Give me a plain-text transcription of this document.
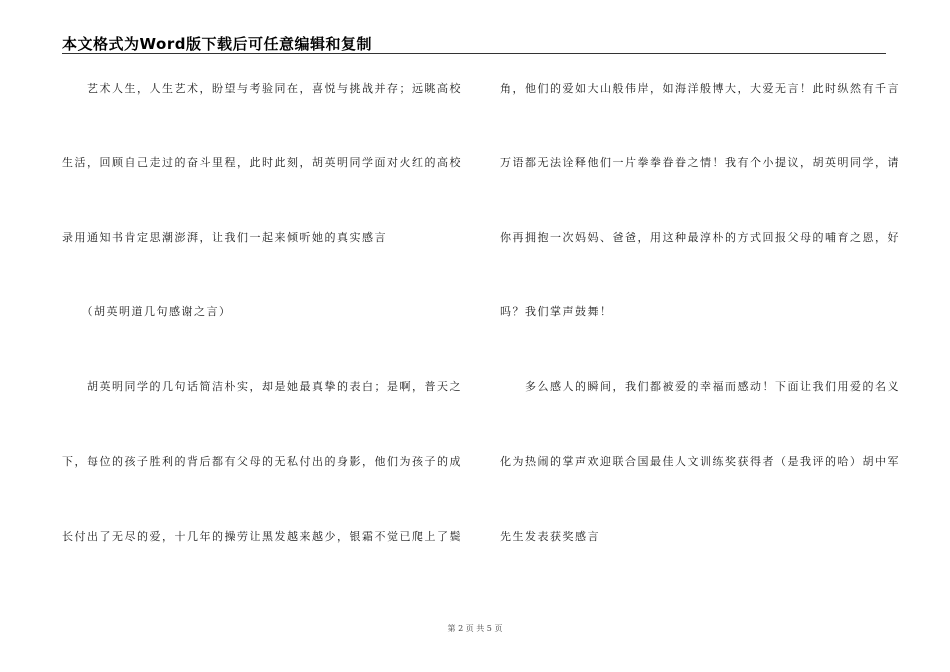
本文格式为Word版下载后可任意编辑和复制
　　艺术人生，人生艺术，盼望与考验同在，喜悦与挑战并存；远眺高校
生活，回顾自己走过的奋斗里程，此时此刻，胡英明同学面对火红的高校
录用通知书肯定思潮澎湃，让我们一起来倾听她的真实感言
　　（胡英明道几句感谢之言）
　　胡英明同学的几句话简洁朴实，却是她最真挚的表白；是啊，普天之
下，每位的孩子胜利的背后都有父母的无私付出的身影，他们为孩子的成
长付出了无尽的爱，十几年的操劳让黑发越来越少，银霜不觉已爬上了鬓
角，他们的爱如大山般伟岸，如海洋般博大，大爱无言！此时纵然有千言
万语都无法诠释他们一片拳拳眷眷之情！我有个小提议，胡英明同学，请
你再拥抱一次妈妈、爸爸，用这种最淳朴的方式回报父母的哺育之恩，好
吗？我们掌声鼓舞！
　　多么感人的瞬间，我们都被爱的幸福而感动！下面让我们用爱的名义
化为热闹的掌声欢迎联合国最佳人文训练奖获得者（是我评的哈）胡中军
先生发表获奖感言
第 2 页 共 5 页
